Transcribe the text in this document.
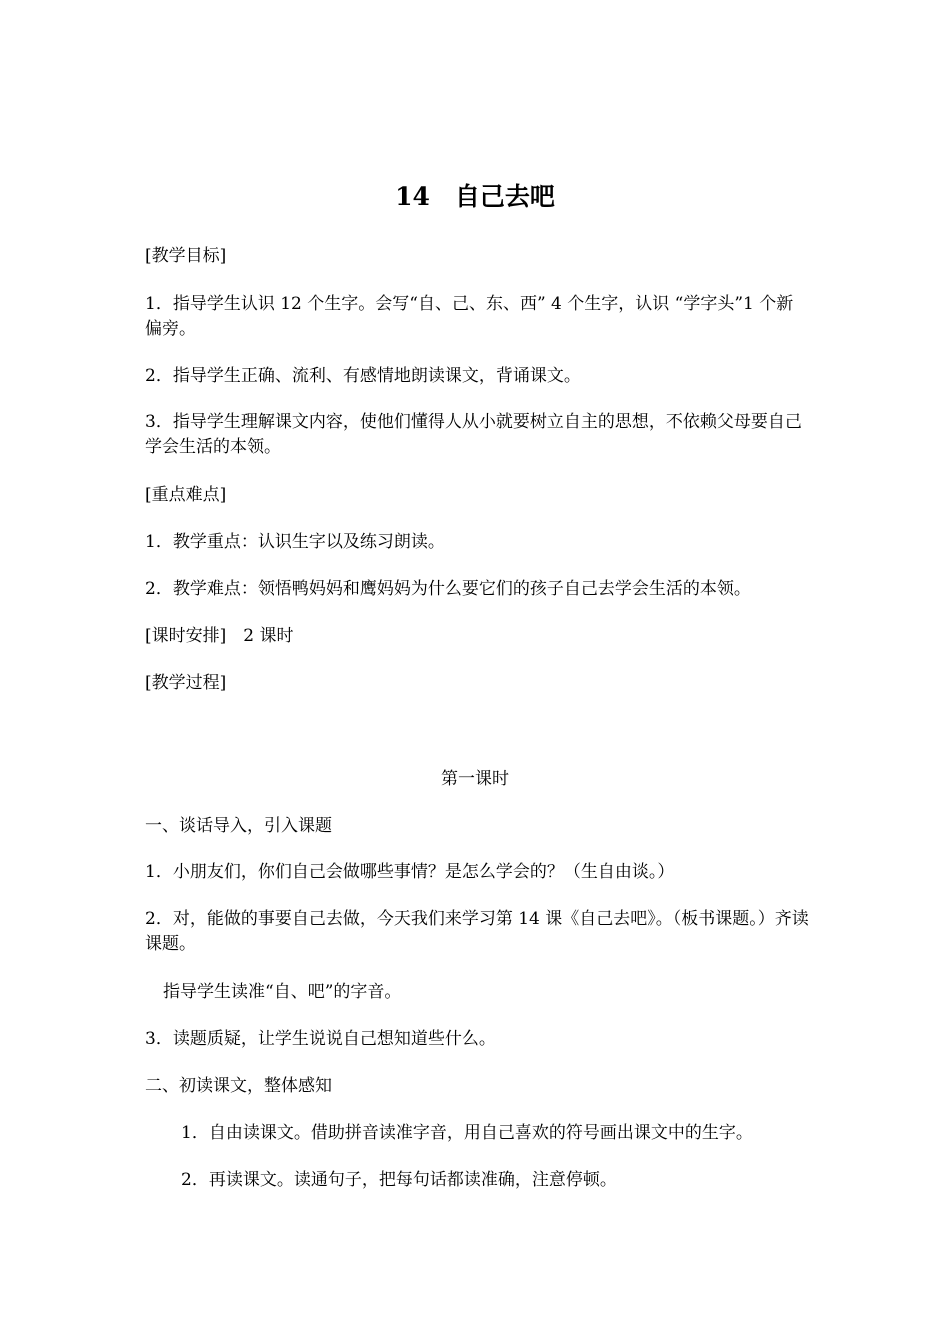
14　自己去吧
[教学目标]
1．指导学生认识 12 个生字。会写“自、己、东、西” 4 个生字，认识 “学字头”1 个新偏旁。
2．指导学生正确、流利、有感情地朗读课文，背诵课文。
3．指导学生理解课文内容，使他们懂得人从小就要树立自主的思想，不依赖父母要自己学会生活的本领。
[重点难点]
1．教学重点：认识生字以及练习朗读。
2．教学难点：领悟鸭妈妈和鹰妈妈为什么要它们的孩子自己去学会生活的本领。
[课时安排]　2 课时
[教学过程]
第一课时
一、谈话导入，引入课题
1．小朋友们，你们自己会做哪些事情？是怎么学会的？（生自由谈。）
2．对，能做的事要自己去做，今天我们来学习第 14 课《自己去吧》。（板书课题。）齐读课题。
指导学生读准“自、吧”的字音。
3．读题质疑，让学生说说自己想知道些什么。
二、初读课文，整体感知
1．自由读课文。借助拼音读准字音，用自己喜欢的符号画出课文中的生字。
2．再读课文。读通句子，把每句话都读准确，注意停顿。
